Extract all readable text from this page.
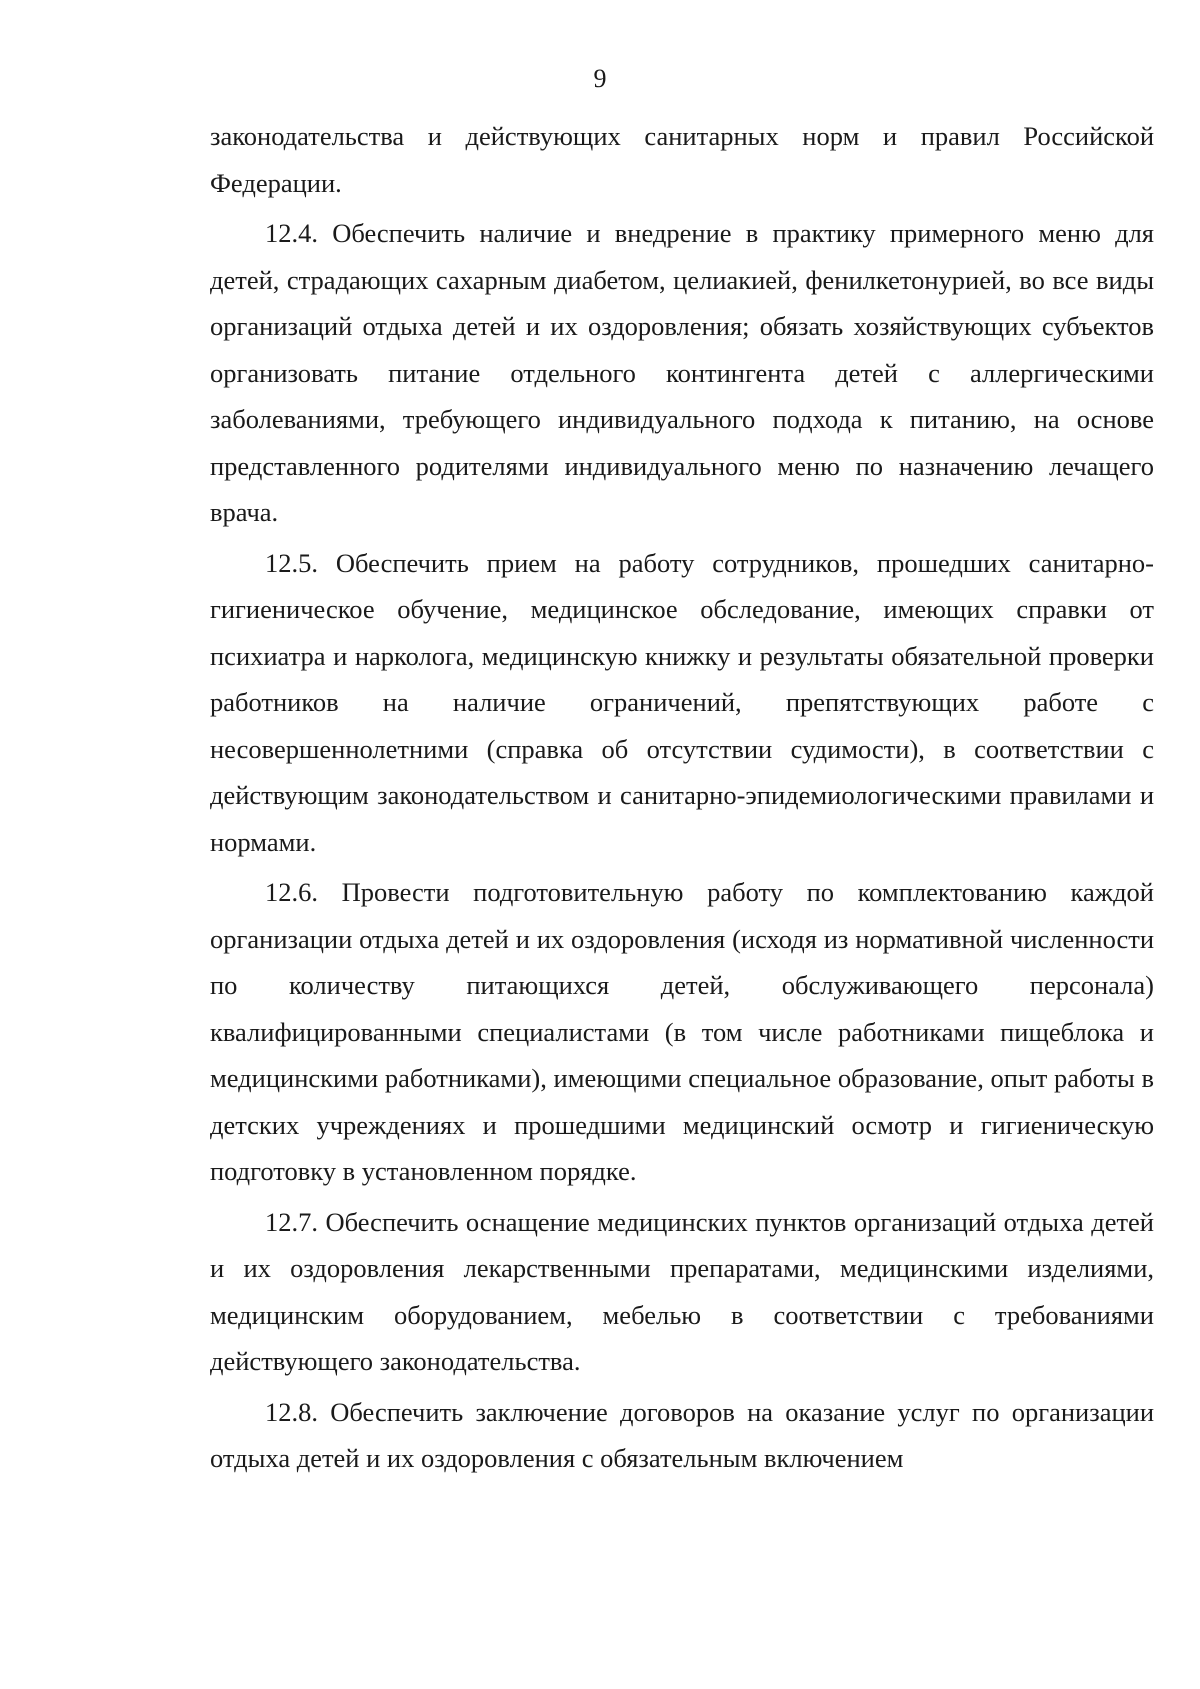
9

законодательства и действующих санитарных норм и правил Российской Федерации.

12.4. Обеспечить наличие и внедрение в практику примерного меню для детей, страдающих сахарным диабетом, целиакией, фенилкетонурией, во все виды организаций отдыха детей и их оздоровления; обязать хозяйствующих субъектов организовать питание отдельного контингента детей с аллергическими заболеваниями, требующего индивидуального подхода к питанию, на основе представленного родителями индивидуального меню по назначению лечащего врача.

12.5. Обеспечить прием на работу сотрудников, прошедших санитарно-гигиеническое обучение, медицинское обследование, имеющих справки от психиатра и нарколога, медицинскую книжку и результаты обязательной проверки работников на наличие ограничений, препятствующих работе с несовершеннолетними (справка об отсутствии судимости), в соответствии с действующим законодательством и санитарно-эпидемиологическими правилами и нормами.

12.6. Провести подготовительную работу по комплектованию каждой организации отдыха детей и их оздоровления (исходя из нормативной численности по количеству питающихся детей, обслуживающего персонала) квалифицированными специалистами (в том числе работниками пищеблока и медицинскими работниками), имеющими специальное образование, опыт работы в детских учреждениях и прошедшими медицинский осмотр и гигиеническую подготовку в установленном порядке.

12.7. Обеспечить оснащение медицинских пунктов организаций отдыха детей и их оздоровления лекарственными препаратами, медицинскими изделиями, медицинским оборудованием, мебелью в соответствии с требованиями действующего законодательства.

12.8. Обеспечить заключение договоров на оказание услуг по организации отдыха детей и их оздоровления с обязательным включением
